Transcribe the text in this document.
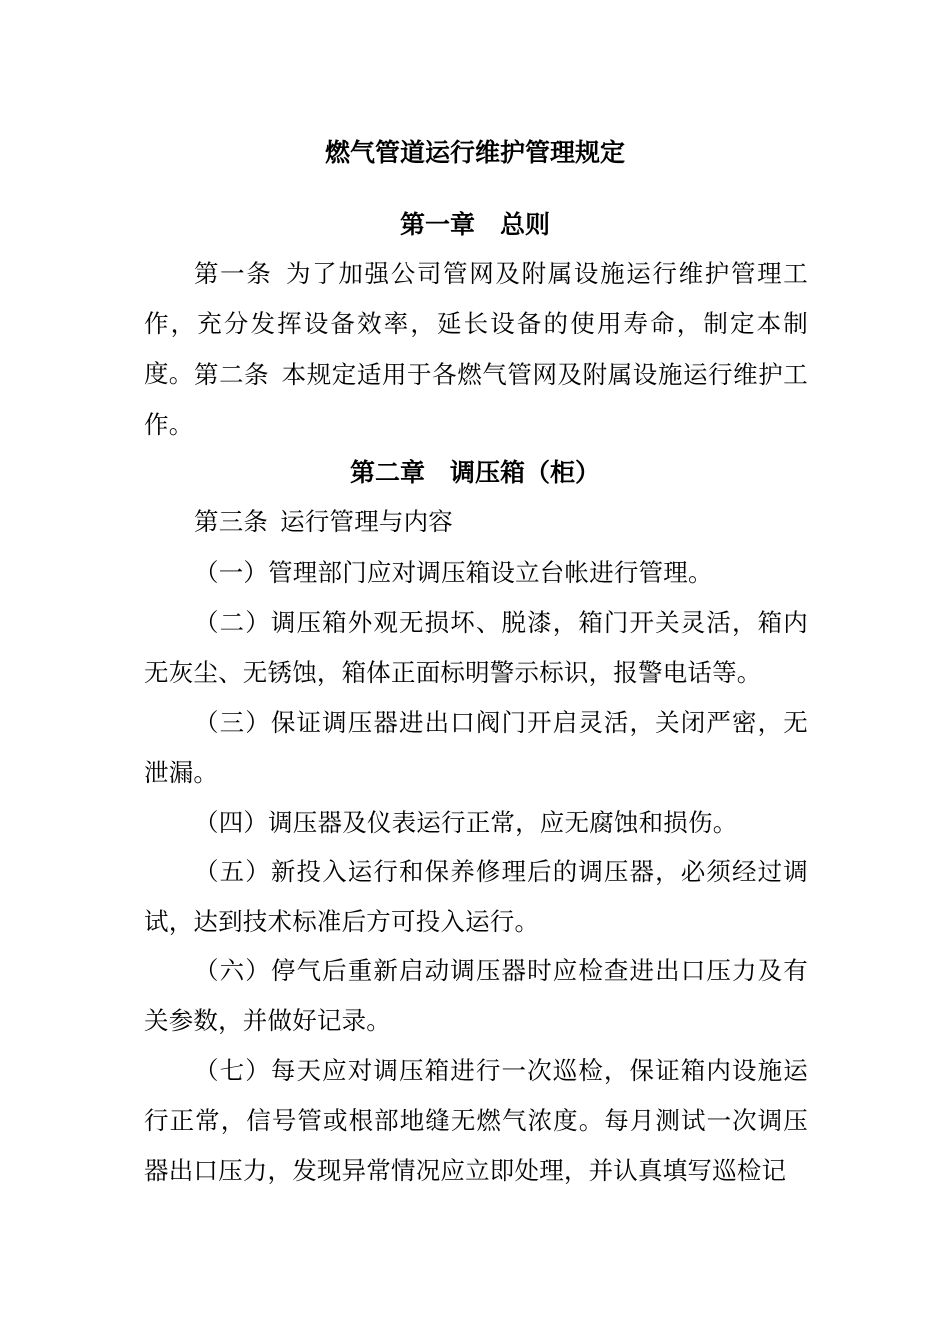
燃气管道运行维护管理规定
第一章　总则
第一条 为了加强公司管网及附属设施运行维护管理工作，充分发挥设备效率，延长设备的使用寿命，制定本制度。 第二条 本规定适用于各燃气管网及附属设施运行维护工作。
第二章　调压箱（柜）
第三条 运行管理与内容
（一）管理部门应对调压箱设立台帐进行管理。
（二）调压箱外观无损坏、脱漆，箱门开关灵活，箱内无灰尘、无锈蚀，箱体正面标明警示标识，报警电话等。
（三）保证调压器进出口阀门开启灵活，关闭严密，无泄漏。
（四）调压器及仪表运行正常，应无腐蚀和损伤。
（五）新投入运行和保养修理后的调压器，必须经过调试，达到技术标准后方可投入运行。
（六）停气后重新启动调压器时应检查进出口压力及有关参数，并做好记录。
（七）每天应对调压箱进行一次巡检，保证箱内设施运行正常，信号管或根部地缝无燃气浓度。每月测试一次调压器出口压力，发现异常情况应立即处理，并认真填写巡检记
